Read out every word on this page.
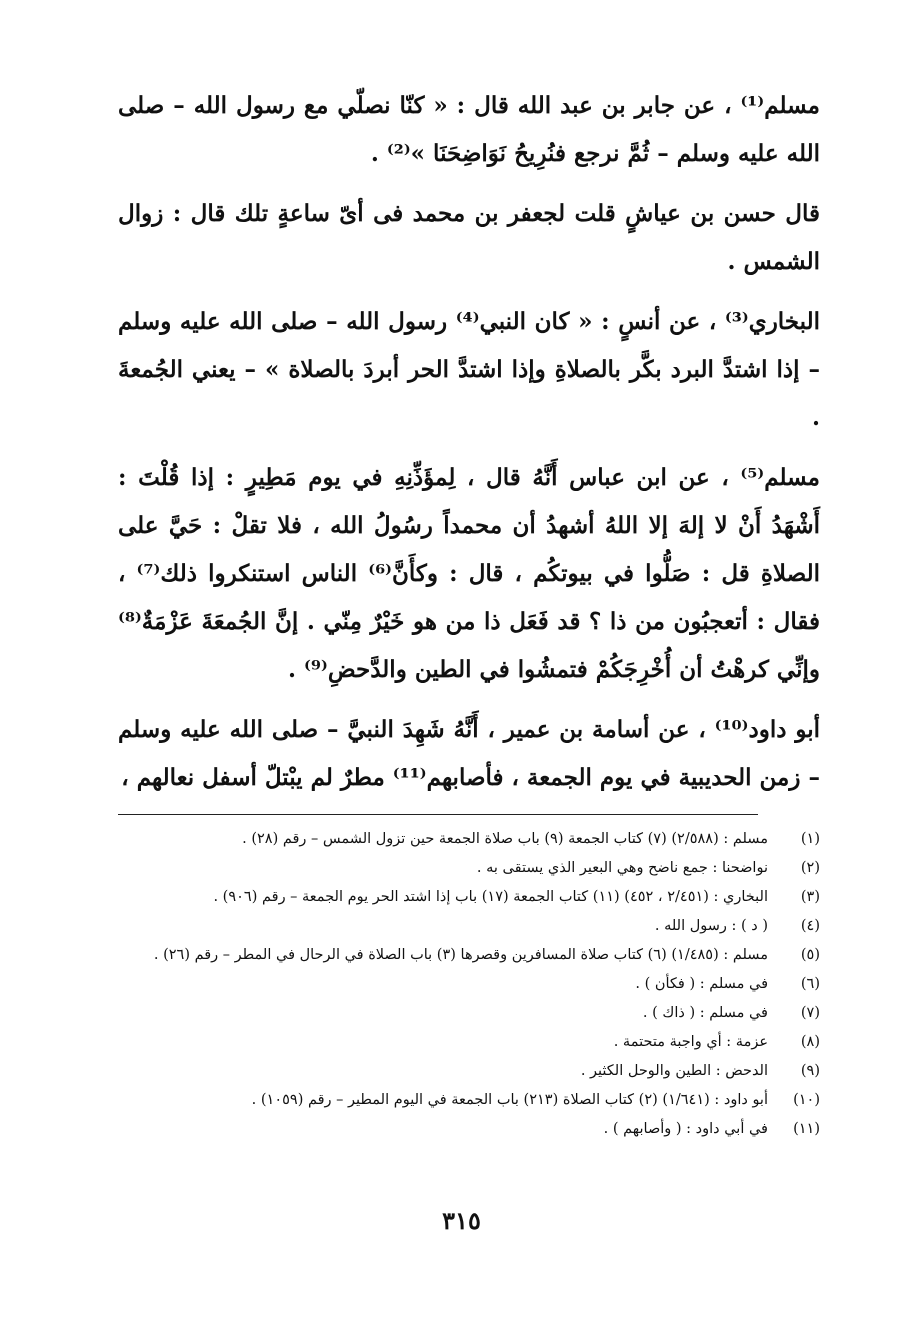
مسلم⁽¹⁾ ، عن جابر بن عبد الله قال : « كنّا نصلّي مع رسول الله – صلى الله عليه وسلم – ثُمَّ نرجع فنُرِيحُ نَوَاضِحَنَا »⁽²⁾ .

قال حسن بن عياشٍ قلت لجعفر بن محمد فى أىّ ساعةٍ تلك قال : زوال الشمس .

البخاري⁽³⁾ ، عن أنسٍ : « كان النبي⁽⁴⁾ رسول الله – صلى الله عليه وسلم – إذا اشتدَّ البرد بكَّر بالصلاةِ وإذا اشتدَّ الحر أبردَ بالصلاة » – يعني الجُمعةَ .

مسلم⁽⁵⁾ ، عن ابن عباس أَنَّهُ قال ، لِمؤَذِّنِهِ في يوم مَطِيرٍ : إذا قُلْتَ : أَشْهَدُ أَنْ لا إلهَ إلا اللهُ أشهدُ أن محمداً رسُولُ الله ، فلا تقلْ : حَيَّ على الصلاةِ قل : صَلُّوا في بيوتكُم ، قال : وكأَنَّ⁽⁶⁾ الناس استنكروا ذلك⁽⁷⁾ ، فقال : أتعجبُون من ذا ؟ قد فَعَل ذا من هو خَيْرٌ مِنّي . إنَّ الجُمعَةَ عَزْمَةٌ⁽⁸⁾ وإنِّي كرهْتُ أن أُخْرِجَكُمْ فتمشُوا في الطين والدَّحضِ⁽⁹⁾ .

أبو داود⁽¹⁰⁾ ، عن أسامة بن عمير ، أَنَّهُ شَهِدَ النبيَّ – صلى الله عليه وسلم – زمن الحديبية في يوم الجمعة ، فأصابهم⁽¹¹⁾ مطرٌ لم يبْتلّ أسفل نعالهم ،

(١)
مسلم : (٢/٥٨٨) (٧) كتاب الجمعة (٩) باب صلاة الجمعة حين تزول الشمس – رقم (٢٨) .
(٢)
نواضحنا : جمع ناضح وهي البعير الذي يستقى به .
(٣)
البخاري : (٢/٤٥١ ، ٤٥٢) (١١) كتاب الجمعة (١٧) باب إذا اشتد الحر يوم الجمعة – رقم (٩٠٦) .
(٤)
( د ) : رسول الله .
(٥)
مسلم : (١/٤٨٥) (٦) كتاب صلاة المسافرين وقصرها (٣) باب الصلاة في الرحال في المطر – رقم (٢٦) .
(٦)
في مسلم : ( فكأن ) .
(٧)
في مسلم : ( ذاك ) .
(٨)
عزمة : أي واجبة متحتمة .
(٩)
الدحض : الطين والوحل الكثير .
(١٠)
أبو داود : (١/٦٤١) (٢) كتاب الصلاة (٢١٣) باب الجمعة في اليوم المطير – رقم (١٠٥٩) .
(١١)
في أبي داود : ( وأصابهم ) .
٣١٥
